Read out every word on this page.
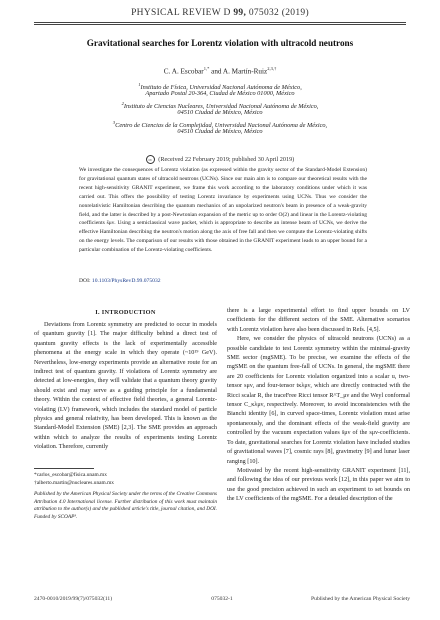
PHYSICAL REVIEW D 99, 075032 (2019)
Gravitational searches for Lorentz violation with ultracold neutrons
C. A. Escobar$^{1,*}$ and A. Martín-Ruiz$^{2,3,\dagger}$
$^1$Instituto de Física, Universidad Nacional Autónoma de México,
Apartado Postal 20-364, Ciudad de México 01000, México
$^2$Instituto de Ciencias Nucleares, Universidad Nacional Autónoma de México,
04510 Ciudad de México, México
$^3$Centro de Ciencias de la Complejidad, Universidad Nacional Autónoma de México,
04510 Ciudad de México, México
cc (Received 22 February 2019; published 30 April 2019)

We investigate the consequences of Lorentz violation (as expressed within the gravity sector of the Standard-Model Extension) for gravitational quantum states of ultracold neutrons (UCNs). Since our main aim is to compare our theoretical results with the recent high-sensitivity GRANIT experiment, we frame this work according to the laboratory conditions under which it was carried out. This offers the possibility of testing Lorentz invariance by experiments using UCNs. Thus we consider the nonrelativistic Hamiltonian describing the quantum mechanics of an unpolarized neutron's beam in presence of a weak-gravity field, and the latter is described by a post-Newtonian expansion of the metric up to order O(2) and linear in the Lorentz-violating coefficients s̄μν. Using a semiclassical wave packet, which is appropriate to describe an intense beam of UCNs, we derive the effective Hamiltonian describing the neutron's motion along the axis of free fall and then we compute the Lorentz-violating shifts on the energy levels. The comparison of our results with those obtained in the GRANIT experiment leads to an upper bound for a particular combination of the Lorentz-violating coefficients.

DOI: 10.1103/PhysRevD.99.075032
I. INTRODUCTION

Deviations from Lorentz symmetry are predicted to occur in models of quantum gravity [1]. The major difficulty behind a direct test of quantum gravity effects is the lack of experimentally accessible phenomena at the energy scale in which they operate (~10¹⁹ GeV). Nevertheless, low-energy experiments provide an alternative route for an indirect test of quantum gravity. If violations of Lorentz symmetry are detected at low-energies, they will validate that a quantum theory gravity should exist and may serve as a guiding principle for a fundamental theory. Within the context of effective field theories, a general Lorentz-violating (LV) framework, which includes the standard model of particle physics and general relativity, has been developed. This is known as the Standard-Model Extension (SME) [2,3]. The SME provides an approach within which to analyze the results of experiments testing Lorentz violation. Therefore, currently

*carlos_escobar@fisica.unam.mx
†alberto.martin@nucleares.unam.mx
Published by the American Physical Society under the terms of the Creative Commons Attribution 4.0 International license. Further distribution of this work must maintain attribution to the author(s) and the published article's title, journal citation, and DOI. Funded by SCOAP³.

there is a large experimental effort to find upper bounds on LV coefficients for the different sectors of the SME. Alternative scenarios with Lorentz violation have also been discussed in Refs. [4,5].

Here, we consider the physics of ultracold neutrons (UCNs) as a possible candidate to test Lorentz symmetry within the minimal-gravity SME sector (mgSME). To be precise, we examine the effects of the mgSME on the quantum free-fall of UCNs. In general, the mgSME there are 20 coefficients for Lorentz violation organized into a scalar u, two-tensor sμν, and four-tensor tκλμν, which are directly contracted with the Ricci scalar R, the traceFree Ricci tensor R^T_μν and the Weyl conformal tensor C_κλμν, respectively. Moreover, to avoid inconsistencies with the Bianchi identity [6], in curved space-times, Lorentz violation must arise spontaneously, and the dominant effects of the weak-field gravity are controlled by the vacuum expectation values s̄μν of the sμν-coefficients. To date, gravitational searches for Lorentz violation have included studies of gravitational waves [7], cosmic rays [8], gravimetry [9] and lunar laser ranging [10].

Motivated by the recent high-sensitivity GRANIT experiment [11], and following the idea of our previous work [12], in this paper we aim to use the good precision achieved in such an experiment to set bounds on the LV coefficients of the mgSME. For a detailed description of the

2470-0010/2019/99(7)/075032(11)	075032-1	Published by the American Physical Society
